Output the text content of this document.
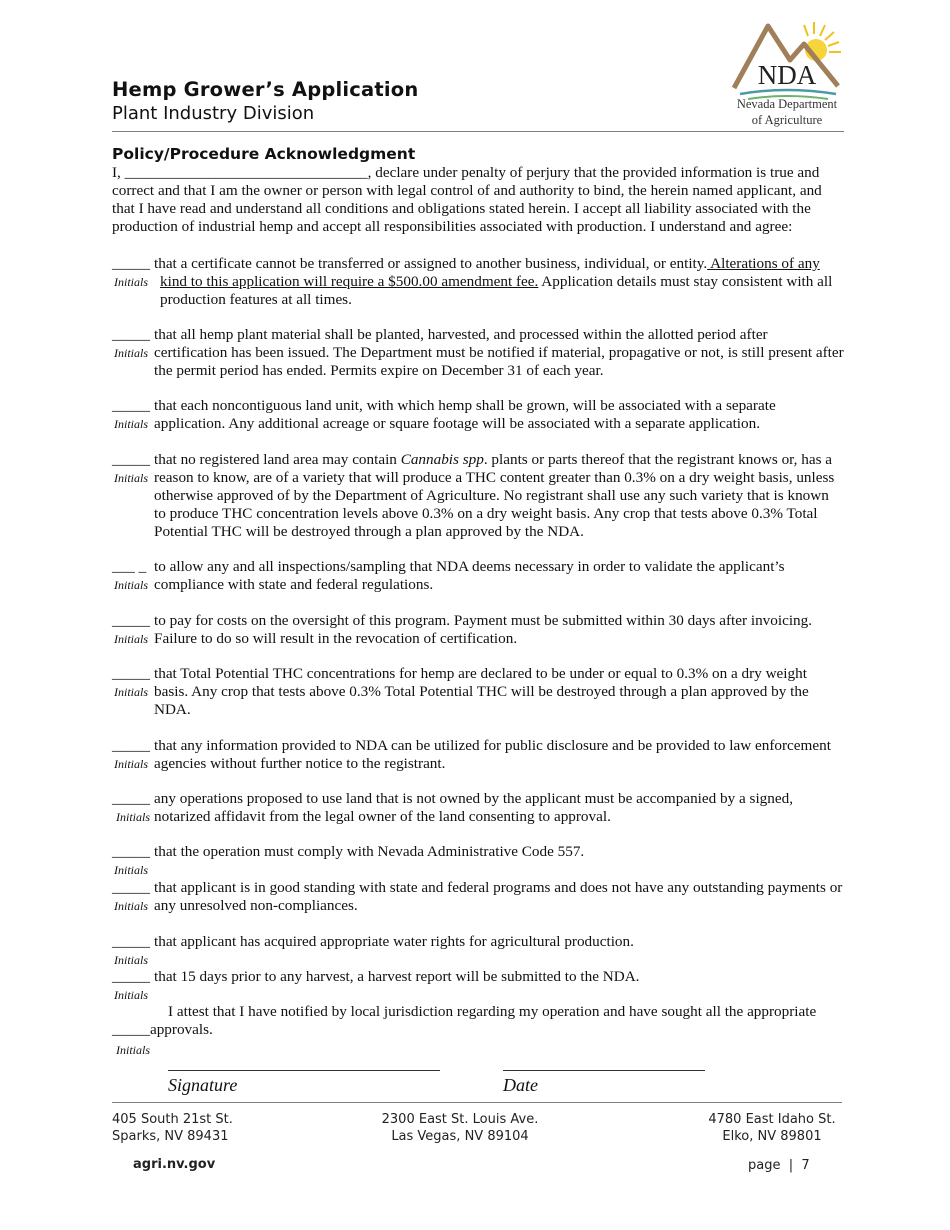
Hemp Grower’s Application
Plant Industry Division
NDA
Nevada Department
of Agriculture
Policy/Procedure Acknowledgment
I, ________________________________, declare under penalty of perjury that the provided information is true and correct and that I am the owner or person with legal control of and authority to bind, the herein named applicant, and that I have read and understand all conditions and obligations stated herein. I accept all liability associated with the production of industrial hemp and accept all responsibilities associated with production. I understand and agree:
_____
Initials
that a certificate cannot be transferred or assigned to another business, individual, or entity. Alterations of any kind to this application will require a $500.00 amendment fee. Application details must stay consistent with all production features at all times.
_____
Initials
that all hemp plant material shall be planted, harvested, and processed within the allotted period after certification has been issued. The Department must be notified if material, propagative or not, is still present after the permit period has ended. Permits expire on December 31 of each year.
_____
Initials
that each noncontiguous land unit, with which hemp shall be grown, will be associated with a separate application. Any additional acreage or square footage will be associated with a separate application.
_____
Initials
that no registered land area may contain Cannabis spp. plants or parts thereof that the registrant knows or, has a reason to know, are of a variety that will produce a THC content greater than 0.3% on a dry weight basis, unless otherwise approved of by the Department of Agriculture. No registrant shall use any such variety that is known to produce THC concentration levels above 0.3% on a dry weight basis. Any crop that tests above 0.3% Total Potential THC will be destroyed through a plan approved by the NDA.
___ _
Initials
to allow any and all inspections/sampling that NDA deems necessary in order to validate the applicant’s compliance with state and federal regulations.
_____
Initials
to pay for costs on the oversight of this program. Payment must be submitted within 30 days after invoicing. Failure to do so will result in the revocation of certification.
_____
Initials
that Total Potential THC concentrations for hemp are declared to be under or equal to 0.3% on a dry weight basis. Any crop that tests above 0.3% Total Potential THC will be destroyed through a plan approved by the NDA.
_____
Initials
that any information provided to NDA can be utilized for public disclosure and be provided to law enforcement agencies without further notice to the registrant.
_____
Initials
any operations proposed to use land that is not owned by the applicant must be accompanied by a signed, notarized affidavit from the legal owner of the land consenting to approval.
_____
Initials
that the operation must comply with Nevada Administrative Code 557.
_____
Initials
that applicant is in good standing with state and federal programs and does not have any outstanding payments or any unresolved non-compliances.
_____
Initials
that applicant has acquired appropriate water rights for agricultural production.
_____
Initials
that 15 days prior to any harvest, a harvest report will be submitted to the NDA.
I attest that I have notified by local jurisdiction regarding my operation and have sought all the appropriate
_____approvals.
Initials
Signature	Date
405 South 21st St.
Sparks, NV 89431
2300 East St. Louis Ave.
Las Vegas, NV 89104
4780 East Idaho St.
Elko, NV 89801
agri.nv.gov	page  |  7
